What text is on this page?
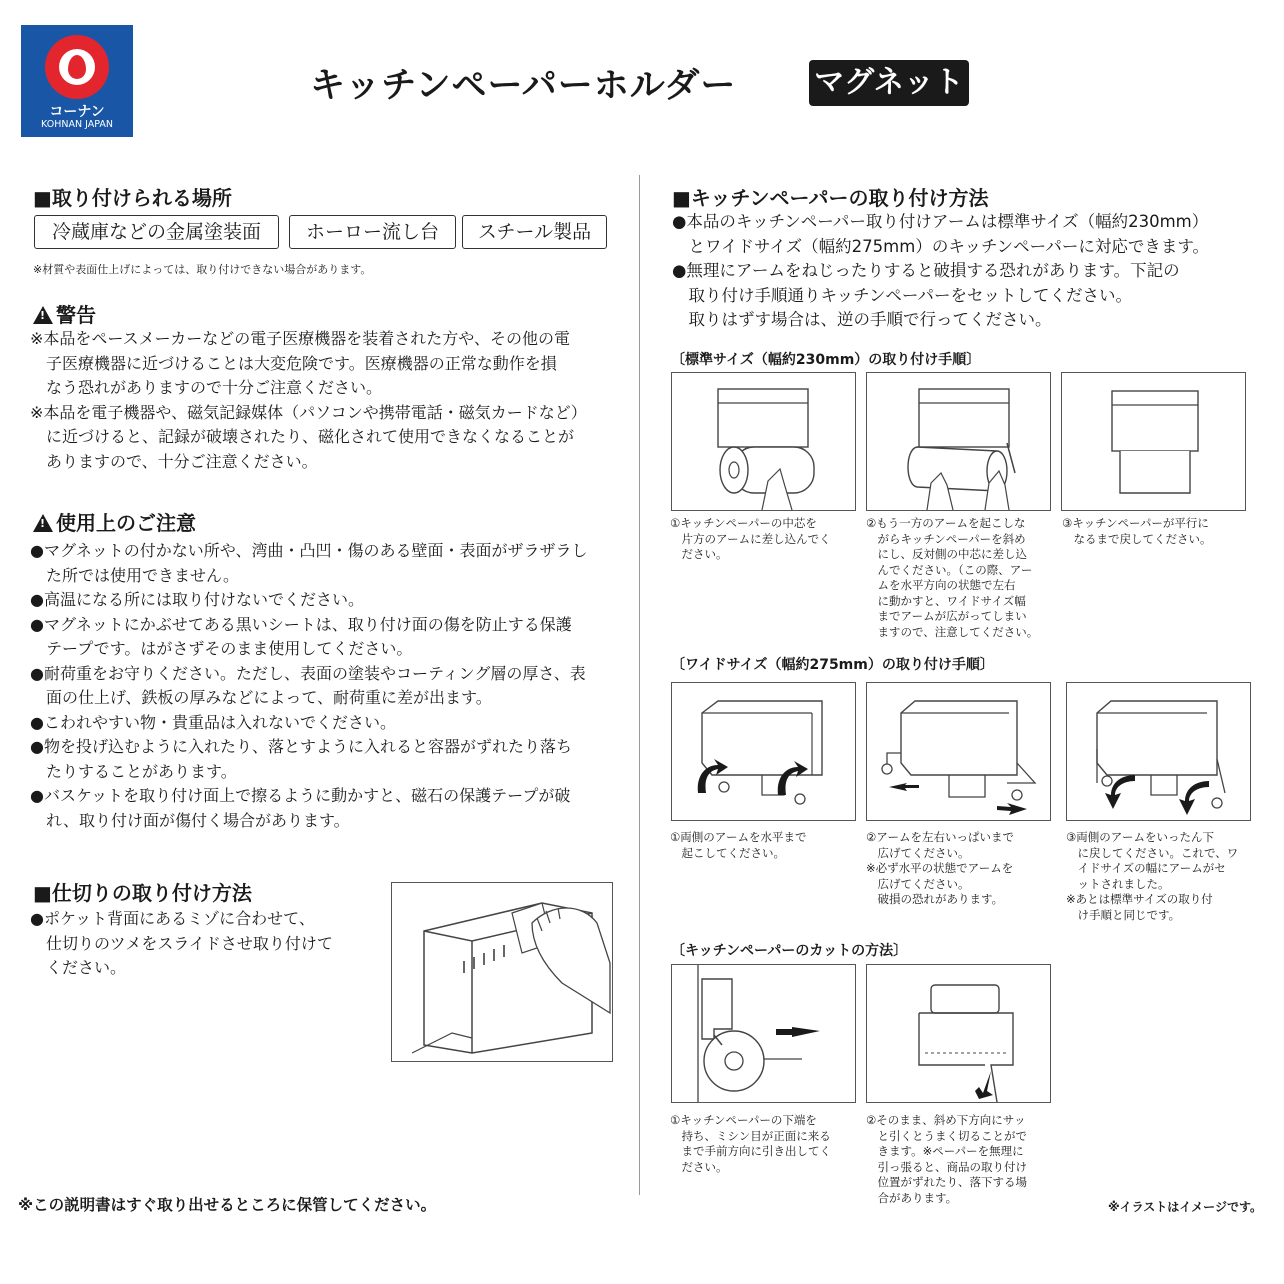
コーナン
KOHNAN JAPAN
キッチンペーパーホルダー	マグネット
■取り付けられる場所
冷蔵庫などの金属塗装面	ホーロー流し台	スチール製品
※材質や表面仕上げによっては、取り付けできない場合があります。
!警告
※本品をペースメーカーなどの電子医療機器を装着された方や、その他の電
　子医療機器に近づけることは大変危険です。医療機器の正常な動作を損
　なう恐れがありますので十分ご注意ください。
※本品を電子機器や、磁気記録媒体（パソコンや携帯電話・磁気カードなど）
　に近づけると、記録が破壊されたり、磁化されて使用できなくなることが
　ありますので、十分ご注意ください。
!使用上のご注意
●マグネットの付かない所や、湾曲・凸凹・傷のある壁面・表面がザラザラし
　た所では使用できません。
●高温になる所には取り付けないでください。
●マグネットにかぶせてある黒いシートは、取り付け面の傷を防止する保護
　テープです。はがさずそのまま使用してください。
●耐荷重をお守りください。ただし、表面の塗装やコーティング層の厚さ、表
　面の仕上げ、鉄板の厚みなどによって、耐荷重に差が出ます。
●こわれやすい物・貴重品は入れないでください。
●物を投げ込むように入れたり、落とすように入れると容器がずれたり落ち
　たりすることがあります。
●バスケットを取り付け面上で擦るように動かすと、磁石の保護テープが破
　れ、取り付け面が傷付く場合があります。
■仕切りの取り付け方法
●ポケット背面にあるミゾに合わせて、
　仕切りのツメをスライドさせ取り付けて
　ください。
※この説明書はすぐ取り出せるところに保管してください。
■キッチンペーパーの取り付け方法
●本品のキッチンペーパー取り付けアームは標準サイズ（幅約230mm）
　とワイドサイズ（幅約275mm）のキッチンペーパーに対応できます。
●無理にアームをねじったりすると破損する恐れがあります。下記の
　取り付け手順通りキッチンペーパーをセットしてください。
　取りはずす場合は、逆の手順で行ってください。
〔標準サイズ（幅約230mm）の取り付け手順〕
①キッチンペーパーの中芯を
　片方のアームに差し込んでく
　ださい。
②もう一方のアームを起こしな
　がらキッチンペーパーを斜め
　にし、反対側の中芯に差し込
　んでください。（この際、アー
　ムを水平方向の状態で左右
　に動かすと、ワイドサイズ幅
　までアームが広がってしまい
　ますので、注意してください。
③キッチンペーパーが平行に
　なるまで戻してください。
〔ワイドサイズ（幅約275mm）の取り付け手順〕
①両側のアームを水平まで
　起こしてください。
②アームを左右いっぱいまで
　広げてください。
※必ず水平の状態でアームを
　広げてください。
　破損の恐れがあります。
③両側のアームをいったん下
　に戻してください。これで、ワ
　イドサイズの幅にアームがセ
　ットされました。
※あとは標準サイズの取り付
　け手順と同じです。
〔キッチンペーパーのカットの方法〕
①キッチンペーパーの下端を
　持ち、ミシン目が正面に来る
　まで手前方向に引き出してく
　ださい。
②そのまま、斜め下方向にサッ
　と引くとうまく切ることがで
　きます。※ペーパーを無理に
　引っ張ると、商品の取り付け
　位置がずれたり、落下する場
　合があります。
※イラストはイメージです。
